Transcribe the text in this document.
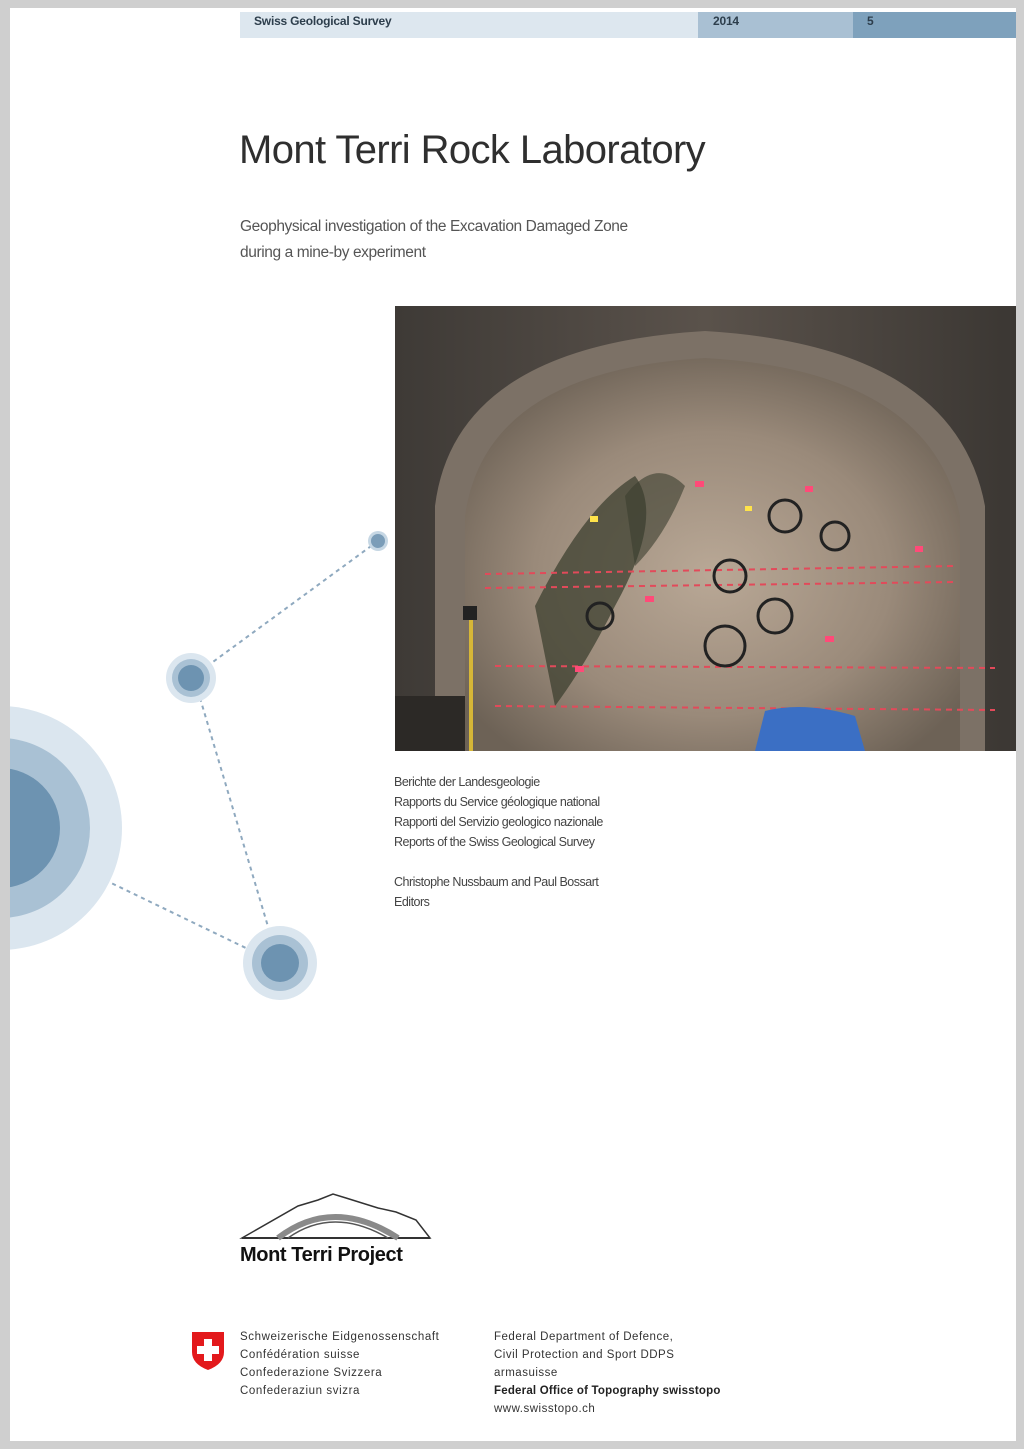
Swiss Geological Survey	2014	5
Mont Terri Rock Laboratory
Geophysical investigation of the Excavation Damaged Zone
during a mine-by experiment
Berichte der Landesgeologie
Rapports du Service géologique national
Rapporti del Servizio geologico nazionale
Reports of the Swiss Geological Survey
Christophe Nussbaum and Paul Bossart
Editors
Mont Terri Project
Schweizerische Eidgenossenschaft
Confédération suisse
Confederazione Svizzera
Confederaziun svizra
Federal Department of Defence,
Civil Protection and Sport DDPS
armasuisse
Federal Office of Topography swisstopo
www.swisstopo.ch
